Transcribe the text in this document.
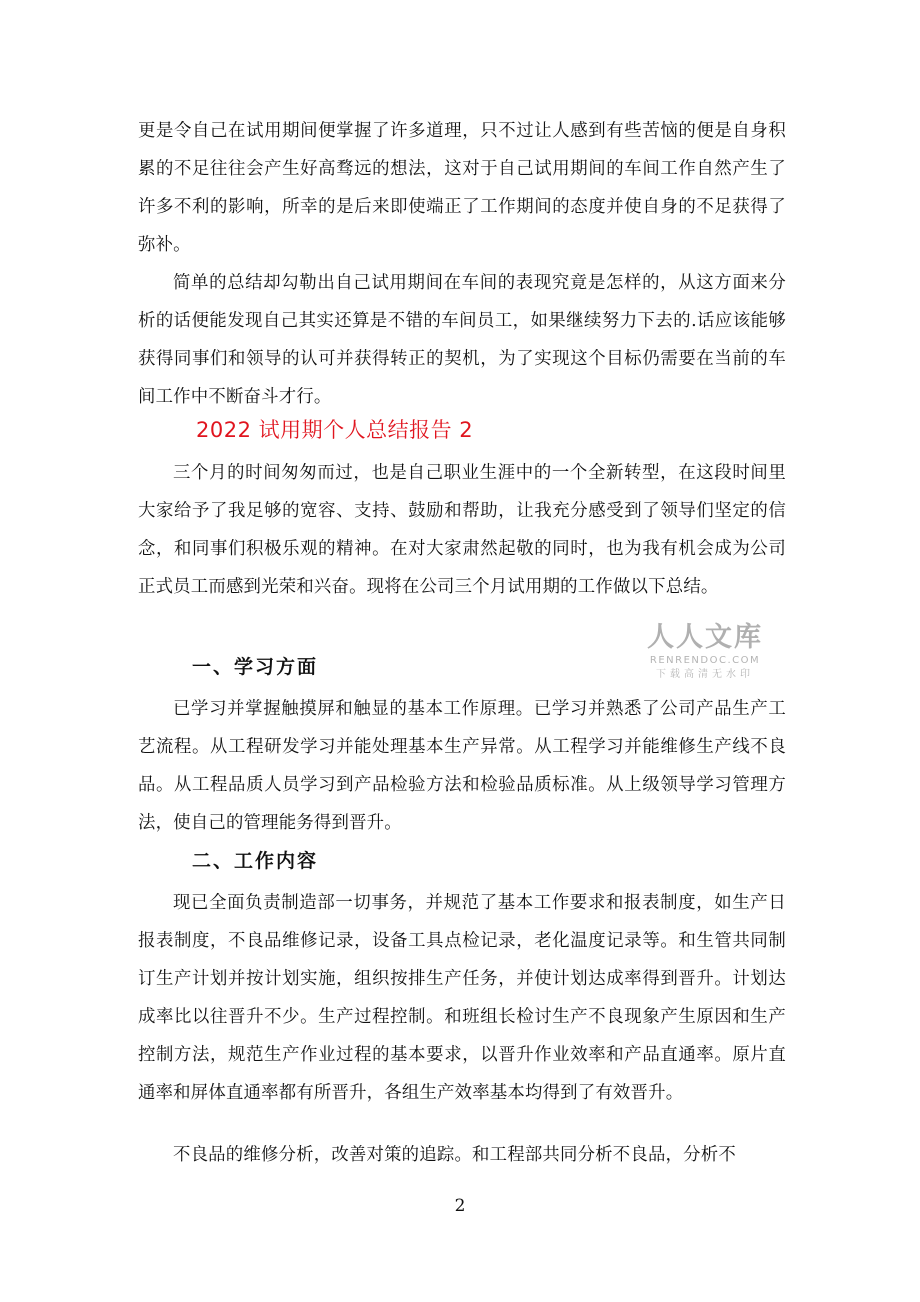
更是令自己在试用期间便掌握了许多道理，只不过让人感到有些苦恼的便是自身积累的不足往往会产生好高骛远的想法，这对于自己试用期间的车间工作自然产生了许多不利的影响，所幸的是后来即使端正了工作期间的态度并使自身的不足获得了弥补。

简单的总结却勾勒出自己试用期间在车间的表现究竟是怎样的，从这方面来分析的话便能发现自己其实还算是不错的车间员工，如果继续努力下去的.话应该能够获得同事们和领导的认可并获得转正的契机，为了实现这个目标仍需要在当前的车间工作中不断奋斗才行。

2022 试用期个人总结报告 2

三个月的时间匆匆而过，也是自己职业生涯中的一个全新转型，在这段时间里大家给予了我足够的宽容、支持、鼓励和帮助，让我充分感受到了领导们坚定的信念，和同事们积极乐观的精神。在对大家肃然起敬的同时，也为我有机会成为公司正式员工而感到光荣和兴奋。现将在公司三个月试用期的工作做以下总结。

一、学习方面

已学习并掌握触摸屏和触显的基本工作原理。已学习并熟悉了公司产品生产工艺流程。从工程研发学习并能处理基本生产异常。从工程学习并能维修生产线不良品。从工程品质人员学习到产品检验方法和检验品质标准。从上级领导学习管理方法，使自己的管理能务得到晋升。

二、工作内容

现已全面负责制造部一切事务，并规范了基本工作要求和报表制度，如生产日报表制度，不良品维修记录，设备工具点检记录，老化温度记录等。和生管共同制订生产计划并按计划实施，组织按排生产任务，并使计划达成率得到晋升。计划达成率比以往晋升不少。生产过程控制。和班组长检讨生产不良现象产生原因和生产控制方法，规范生产作业过程的基本要求，以晋升作业效率和产品直通率。原片直通率和屏体直通率都有所晋升，各组生产效率基本均得到了有效晋升。

不良品的维修分析，改善对策的追踪。和工程部共同分析不良品，分析不

人人文库
RENRENDOC.COM
下载高清无水印
2
